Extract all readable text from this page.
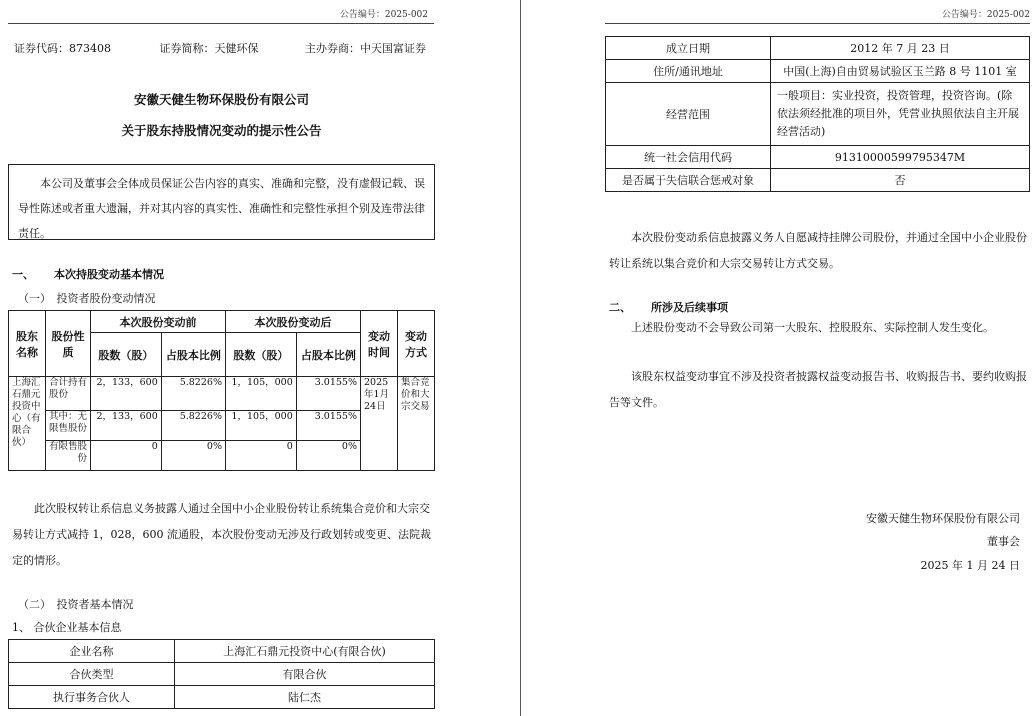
公告编号：2025-002
证券代码：873408	证券简称：天健环保	主办券商：中天国富证券
安徽天健生物环保股份有限公司
关于股东持股情况变动的提示性公告
本公司及董事会全体成员保证公告内容的真实、准确和完整，没有虚假记载、误导性陈述或者重大遗漏，并对其内容的真实性、准确性和完整性承担个别及连带法律责任。
一、 本次持股变动基本情况
（一）　投资者股份变动情况
股东名称	股份性质	本次股份变动前		本次股份变动后		变动时间	变动方式
		股数（股）	占股本比例	股数（股）	占股本比例		
上海汇石鼎元投资中心（有限合伙）	合计持有股份	2，133，600	5.8226%	1，105，000	3.0155%	2025年1月24日	集合竞价和大宗交易
	其中：无限售股份	2，133，600	5.8226%	1，105，000	3.0155%		
	有限售股份	0	0%	0	0%		
此次股权转让系信息义务披露人通过全国中小企业股份转让系统集合竞价和大宗交易转让方式减持 1，028，600 流通股，本次股份变动无涉及行政划转或变更、法院裁定的情形。
（二）　投资者基本情况
1、 合伙企业基本信息
企业名称	上海汇石鼎元投资中心(有限合伙)
合伙类型	有限合伙
执行事务合伙人	陆仁杰
公告编号：2025-002
成立日期	2012 年 7 月 23 日
住所/通讯地址	中国(上海)自由贸易试验区玉兰路 8 号 1101 室
经营范围	一般项目：实业投资，投资管理，投资咨询。(除依法须经批准的项目外，凭营业执照依法自主开展经营活动)
统一社会信用代码	91310000599795347M
是否属于失信联合惩戒对象	否
本次股份变动系信息披露义务人自愿减持挂牌公司股份，并通过全国中小企业股份转让系统以集合竞价和大宗交易转让方式交易。
二、 所涉及后续事项
上述股份变动不会导致公司第一大股东、控股股东、实际控制人发生变化。
该股东权益变动事宜不涉及投资者披露权益变动报告书、收购报告书、要约收购报告等文件。
安徽天健生物环保股份有限公司
董事会
2025 年 1 月 24 日
